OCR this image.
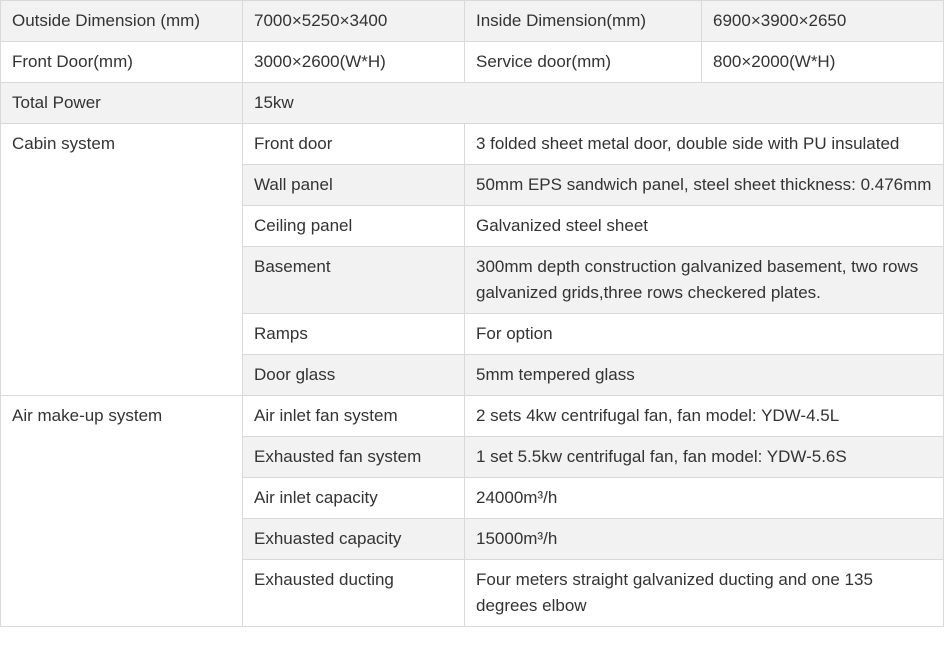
Outside Dimension (mm)	7000×5250×3400	Inside Dimension(mm)	6900×3900×2650
Front Door(mm)	3000×2600(W*H)	Service door(mm)	800×2000(W*H)
Total Power	15kw		
Cabin system	Front door	3 folded sheet metal door, double side with PU insulated	
	Wall panel	50mm EPS sandwich panel, steel sheet thickness: 0.476mm	
	Ceiling panel	Galvanized steel sheet	
	Basement	300mm depth construction galvanized basement, two rows galvanized grids,three rows checkered plates.	
	Ramps	For option	
	Door glass	5mm tempered glass	
Air make-up system	Air inlet fan system	2 sets 4kw centrifugal fan, fan model: YDW-4.5L	
	Exhausted fan system	1 set 5.5kw centrifugal fan, fan model: YDW-5.6S	
	Air inlet capacity	24000m³/h	
	Exhuasted capacity	15000m³/h	
	Exhausted ducting	Four meters straight galvanized ducting and one 135 degrees elbow	
